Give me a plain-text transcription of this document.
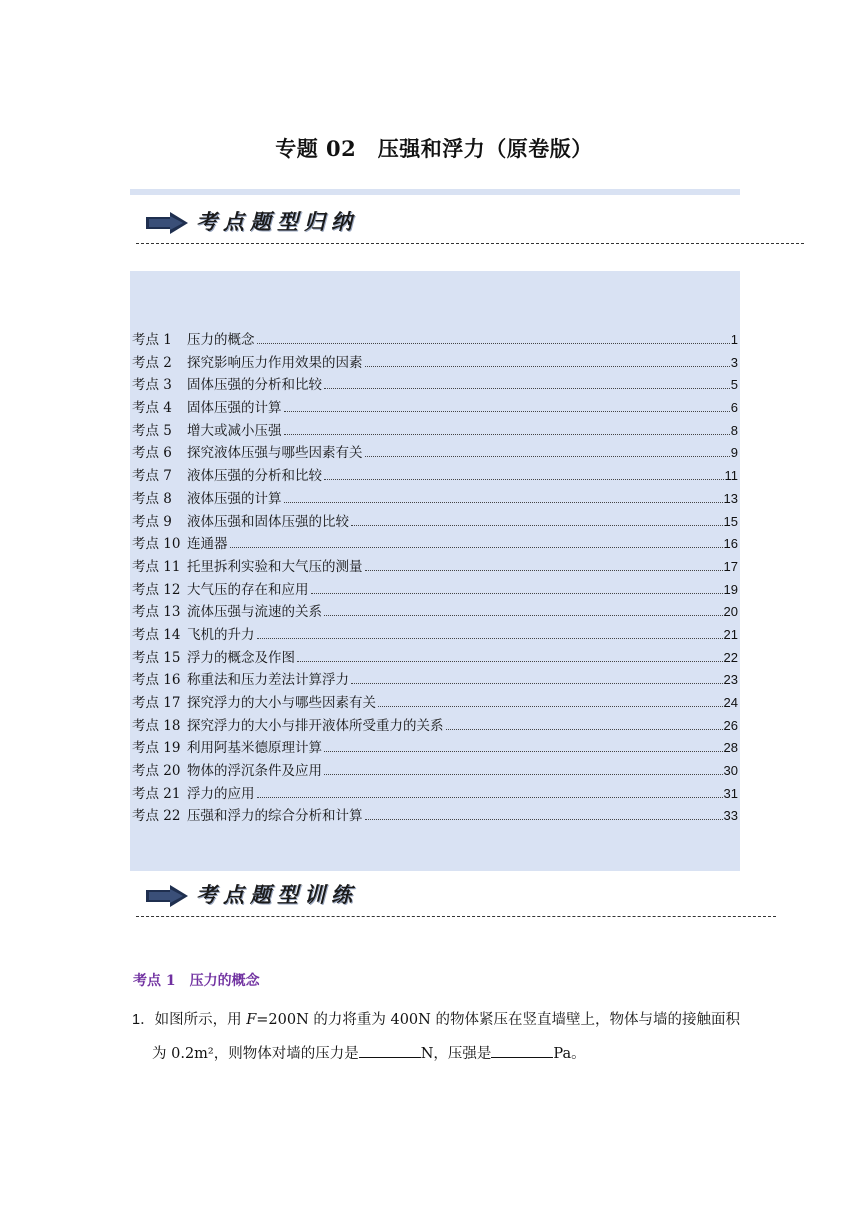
专题 02　压强和浮力（原卷版）
考点题型归纳
考点 1	压力的概念	1
考点 2	探究影响压力作用效果的因素	3
考点 3	固体压强的分析和比较	5
考点 4	固体压强的计算	6
考点 5	增大或减小压强	8
考点 6	探究液体压强与哪些因素有关	9
考点 7	液体压强的分析和比较	11
考点 8	液体压强的计算	13
考点 9	液体压强和固体压强的比较	15
考点 10 连通器	16
考点 11 托里拆利实验和大气压的测量	17
考点 12 大气压的存在和应用	19
考点 13 流体压强与流速的关系	20
考点 14 飞机的升力	21
考点 15 浮力的概念及作图	22
考点 16 称重法和压力差法计算浮力	23
考点 17 探究浮力的大小与哪些因素有关	24
考点 18 探究浮力的大小与排开液体所受重力的关系	26
考点 19 利用阿基米德原理计算	28
考点 20 物体的浮沉条件及应用	30
考点 21 浮力的应用	31
考点 22 压强和浮力的综合分析和计算	33
考点题型训练
考点 1 压力的概念
1．如图所示，用 F=200N 的力将重为 400N 的物体紧压在竖直墙壁上，物体与墙的接触面积
为 0.2m²，则物体对墙的压力是	N，压强是	Pa。
